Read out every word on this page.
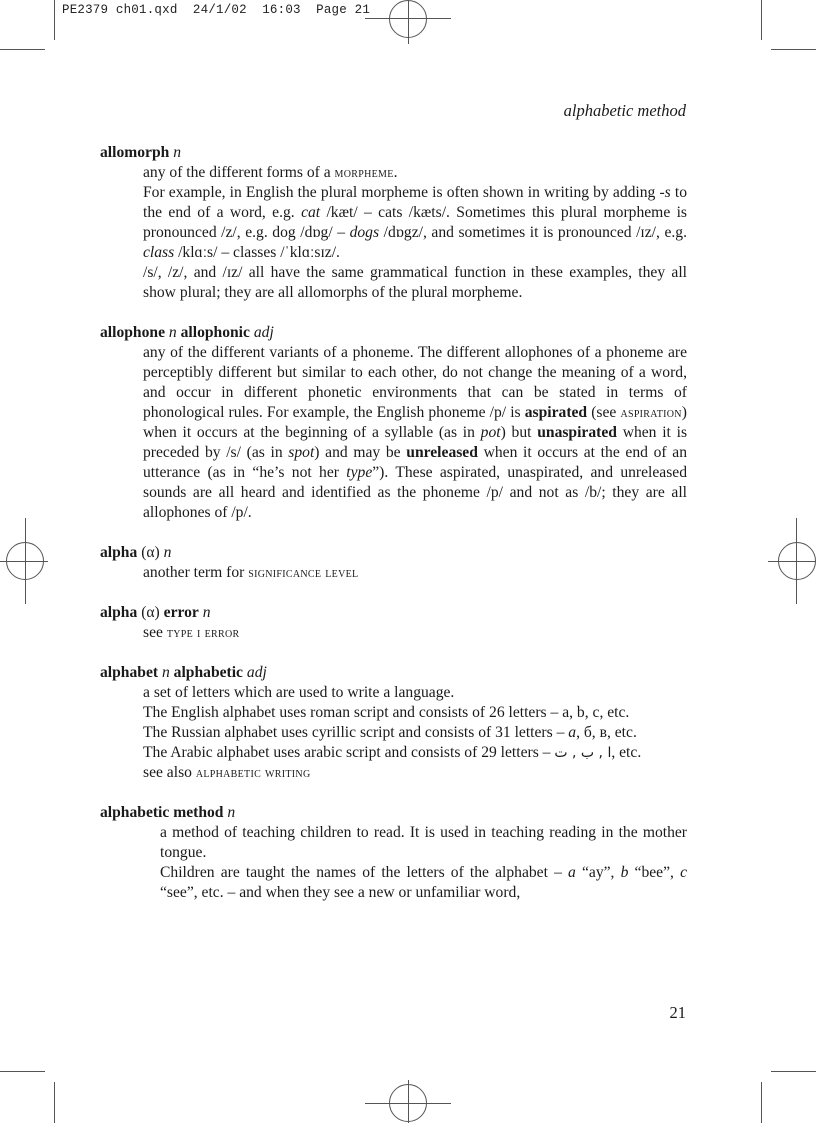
PE2379 ch01.qxd  24/1/02  16:03  Page 21
alphabetic method

allomorph n

any of the different forms of a morpheme.

For example, in English the plural morpheme is often shown in writing by adding -s to the end of a word, e.g. cat /kæt/ – cats /kæts/. Sometimes this plural morpheme is pronounced /z/, e.g. dog /dɒg/ – dogs /dɒgz/, and sometimes it is pronounced /ɪz/, e.g. class /klɑːs/ – classes /ˈklɑːsɪz/.

/s/, /z/, and /ɪz/ all have the same grammatical function in these examples, they all show plural; they are all allomorphs of the plural morpheme.

allophone n allophonic adj

any of the different variants of a phoneme. The different allophones of a phoneme are perceptibly different but similar to each other, do not change the meaning of a word, and occur in different phonetic environments that can be stated in terms of phonological rules. For example, the English phoneme /p/ is aspirated (see aspiration) when it occurs at the beginning of a syllable (as in pot) but unaspirated when it is preceded by /s/ (as in spot) and may be unreleased when it occurs at the end of an utterance (as in “he’s not her type”). These aspirated, unaspirated, and unreleased sounds are all heard and identified as the phoneme /p/ and not as /b/; they are all allophones of /p/.

alpha (α) n

another term for significance level

alpha (α) error n

see type i error

alphabet n alphabetic adj

a set of letters which are used to write a language.

The English alphabet uses roman script and consists of 26 letters – a, b, c, etc.

The Russian alphabet uses cyrillic script and consists of 31 letters – a, б, в, etc.

The Arabic alphabet uses arabic script and consists of 29 letters – ا , ب , ت, etc.

see also alphabetic writing

alphabetic method n

a method of teaching children to read. It is used in teaching reading in the mother tongue.

Children are taught the names of the letters of the alphabet – a “ay”, b “bee”, c “see”, etc. – and when they see a new or unfamiliar word,

21
